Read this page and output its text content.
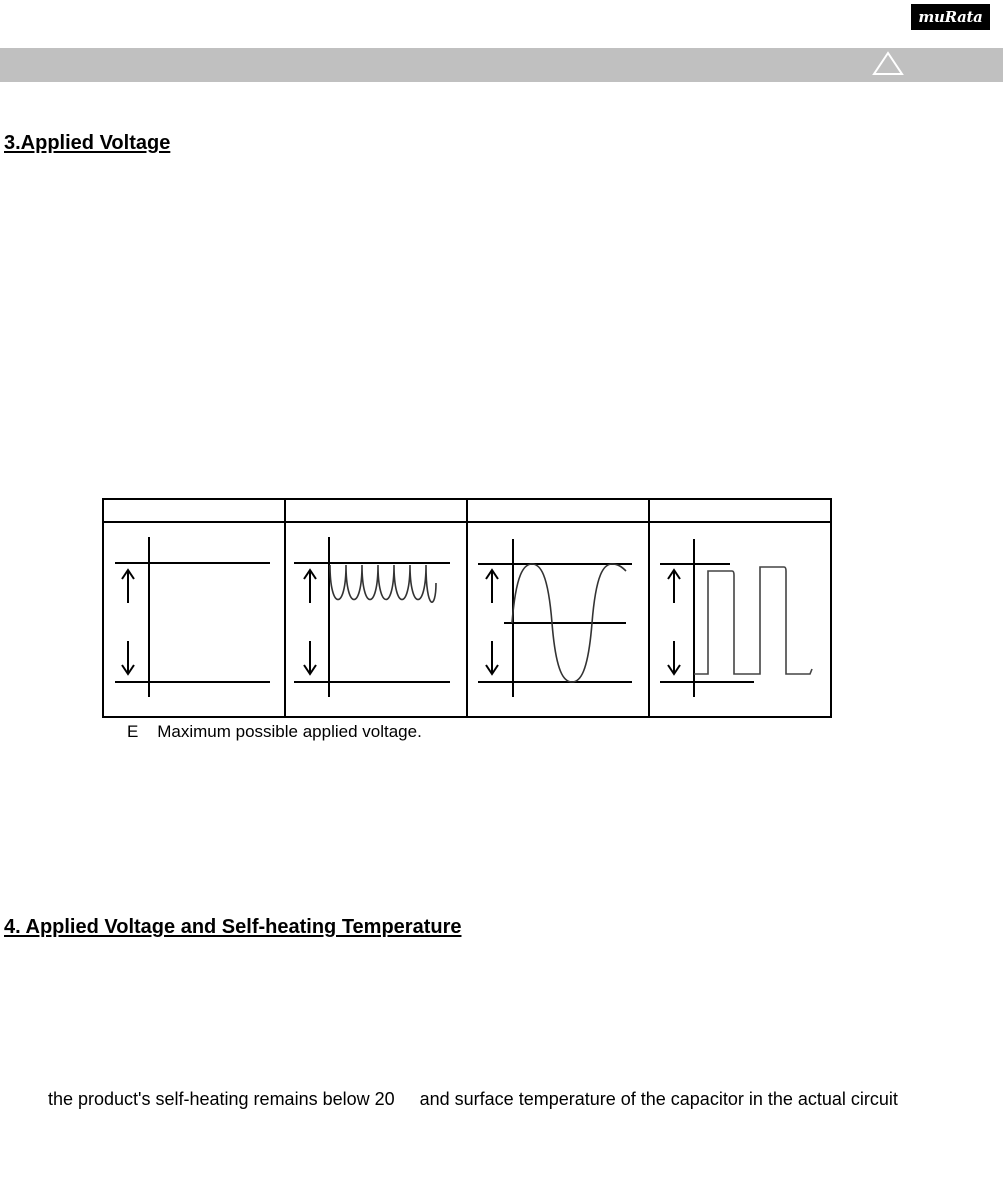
muRata
3.Applied Voltage

E    Maximum possible applied voltage.
4. Applied Voltage and Self-heating Temperature
the product's self-heating remains below 20     and surface temperature of the capacitor in the actual circuit
